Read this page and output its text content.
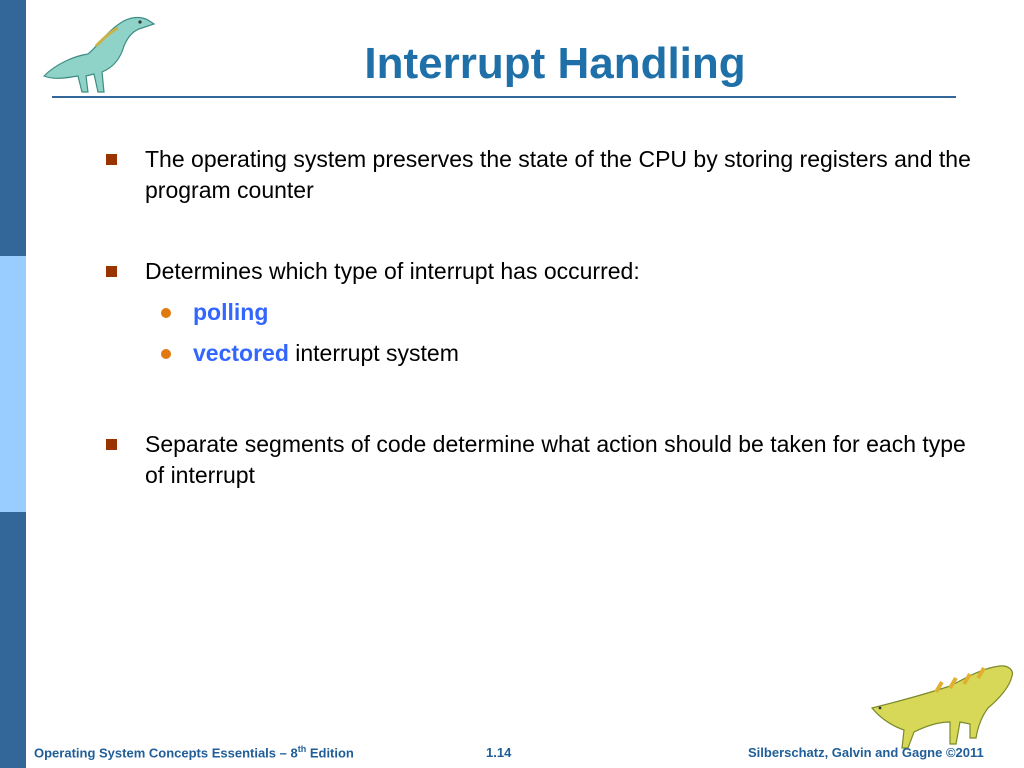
Interrupt Handling
The operating system preserves the state of the CPU by storing registers and the program counter
Determines which type of interrupt has occurred:
polling
vectored interrupt system
Separate segments of code determine what action should be taken for each type of interrupt
Operating System Concepts Essentials – 8th Edition	1.14	Silberschatz, Galvin and Gagne ©2011
